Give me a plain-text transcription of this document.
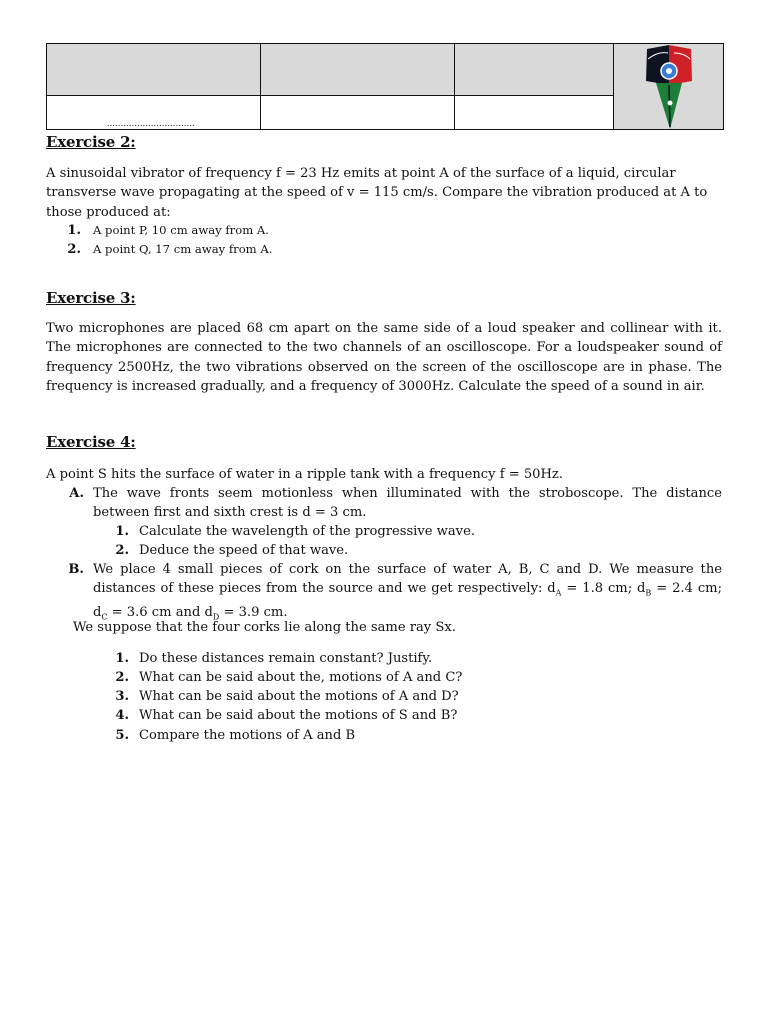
................................
Exercise 2:
A sinusoidal vibrator of frequency f = 23 Hz emits at point A of the surface of a liquid, circular transverse wave propagating at the speed of v = 115 cm/s. Compare the vibration produced at A to those produced at:
1. A point P, 10 cm away from A.
2. A point Q, 17 cm away from A.
Exercise 3:
Two microphones are placed 68 cm apart on the same side of a loud speaker and collinear with it. The microphones are connected to the two channels of an oscilloscope. For a loudspeaker sound of frequency 2500Hz, the two vibrations observed on the screen of the oscilloscope are in phase. The frequency is increased gradually, and a frequency of 3000Hz. Calculate the speed of a sound in air.
Exercise 4:
A point S hits the surface of water in a ripple tank with a frequency f = 50Hz.
A. The wave fronts seem motionless when illuminated with the stroboscope. The distance between first and sixth crest is d = 3 cm.
1. Calculate the wavelength of the progressive wave.
2. Deduce the speed of that wave.
B. We place 4 small pieces of cork on the surface of water A, B, C and D. We measure the distances of these pieces from the source and we get respectively: $d_A = 1.8$ cm; $d_B = 2.4$ cm; $d_C = 3.6$ cm and $d_D = 3.9$ cm.
We suppose that the four corks lie along the same ray Sx.
1. Do these distances remain constant? Justify.
2. What can be said about the, motions of A and C?
3. What can be said about the motions of A and D?
4. What can be said about the motions of S and B?
5. Compare the motions of A and B
